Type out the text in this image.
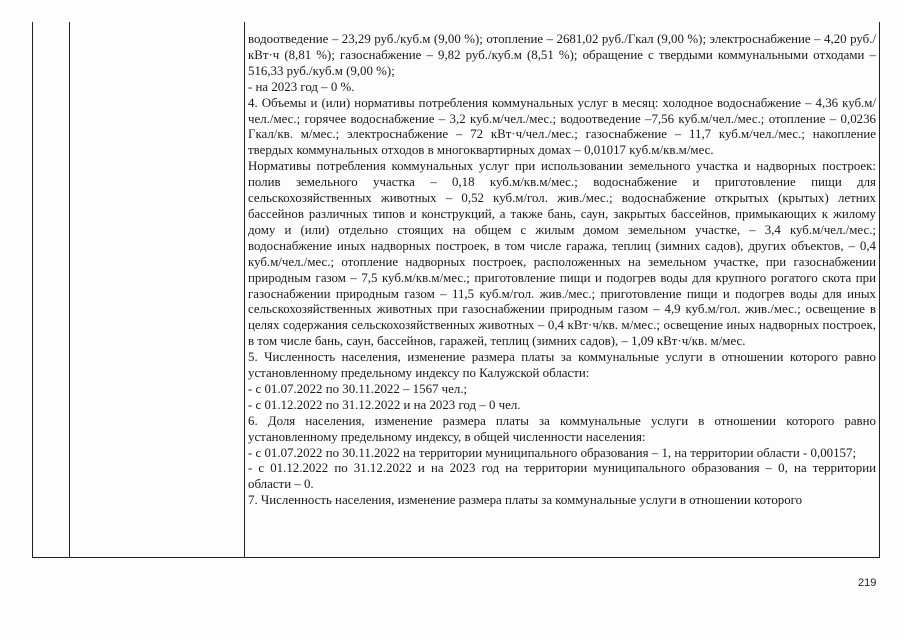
водоотведение – 23,29 руб./куб.м (9,00 %); отопление – 2681,02 руб./Гкал (9,00 %); электроснабжение – 4,20 руб./кВт·ч (8,81 %); газоснабжение – 9,82 руб./куб.м (8,51 %); обращение с твердыми коммунальными отходами – 516,33 руб./куб.м (9,00 %);

- на 2023 год – 0 %.

4. Объемы и (или) нормативы потребления коммунальных услуг в месяц: холодное водоснабжение – 4,36 куб.м/чел./мес.; горячее водоснабжение – 3,2 куб.м/чел./мес.; водоотведение –7,56 куб.м/чел./мес.; отопление – 0,0236 Гкал/кв. м/мес.; электроснабжение – 72 кВт·ч/чел./мес.; газоснабжение – 11,7 куб.м/чел./мес.; накопление твердых коммунальных отходов в многоквартирных домах – 0,01017 куб.м/кв.м/мес.

Нормативы потребления коммунальных услуг при использовании земельного участка и надворных построек: полив земельного участка – 0,18 куб.м/кв.м/мес.; водоснабжение и приготовление пищи для сельскохозяйственных животных – 0,52 куб.м/гол. жив./мес.; водоснабжение открытых (крытых) летних бассейнов различных типов и конструкций, а также бань, саун, закрытых бассейнов, примыкающих к жилому дому и (или) отдельно стоящих на общем с жилым домом земельном участке, – 3,4 куб.м/чел./мес.; водоснабжение иных надворных построек, в том числе гаража, теплиц (зимних садов), других объектов, – 0,4 куб.м/чел./мес.; отопление надворных построек, расположенных на земельном участке, при газоснабжении природным газом – 7,5 куб.м/кв.м/мес.; приготовление пищи и подогрев воды для крупного рогатого скота при газоснабжении природным газом – 11,5 куб.м/гол. жив./мес.; приготовление пищи и подогрев воды для иных сельскохозяйственных животных при газоснабжении природным газом – 4,9 куб.м/гол. жив./мес.; освещение в целях содержания сельскохозяйственных животных – 0,4 кВт·ч/кв. м/мес.; освещение иных надворных построек, в том числе бань, саун, бассейнов, гаражей, теплиц (зимних садов), – 1,09 кВт·ч/кв. м/мес.

5. Численность населения, изменение размера платы за коммунальные услуги в отношении которого равно установленному предельному индексу по Калужской области:

- с 01.07.2022 по 30.11.2022 – 1567 чел.;

- с 01.12.2022 по 31.12.2022 и на 2023 год – 0 чел.

6. Доля населения, изменение размера платы за коммунальные услуги в отношении которого равно установленному предельному индексу, в общей численности населения:

- с 01.07.2022 по 30.11.2022 на территории муниципального образования – 1, на территории области - 0,00157;

- с 01.12.2022 по 31.12.2022 и на 2023 год на территории муниципального образования – 0, на территории области – 0.

7. Численность населения, изменение размера платы за коммунальные услуги в отношении которого

219
